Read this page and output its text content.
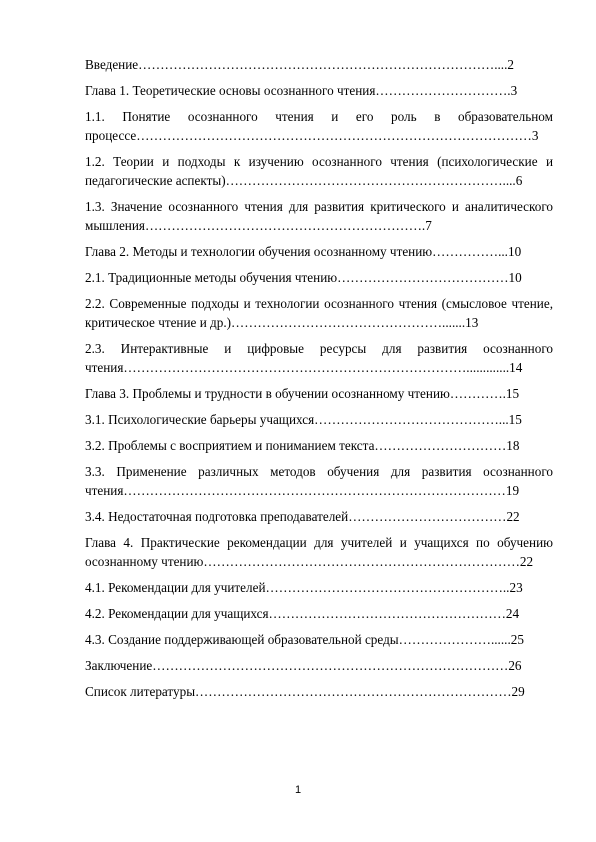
Введение………………………………………………………………………....2
Глава 1. Теоретические основы осознанного чтения………………………….3
1.1. Понятие осознанного чтения и его роль в образовательном процессе………………………………………………………………………………3
1.2. Теории и подходы к изучению осознанного чтения (психологические и педагогические аспекты)………………………………………………………....6
1.3. Значение осознанного чтения для развития критического и аналитического мышления……………………………………………………….7
Глава 2. Методы и технологии обучения осознанному чтению……………...10
2.1. Традиционные методы обучения чтению…………………………………10
2.2. Современные подходы и технологии осознанного чтения (смысловое чтение, критическое чтение и др.)………………………………………….......13
2.3. Интерактивные и цифровые ресурсы для развития осознанного чтения…………………………………………………………………….............14
Глава 3. Проблемы и трудности в обучении осознанному чтению………….15
3.1. Психологические барьеры учащихся……………………………………...15
3.2. Проблемы с восприятием и пониманием текста…………………………18
3.3. Применение различных методов обучения для развития осознанного чтения……………………………………………………………………………19
3.4. Недостаточная подготовка преподавателей………………………………22
Глава 4. Практические рекомендации для учителей и учащихся по обучению осознанному чтению………………………………………………………………22
4.1. Рекомендации для учителей………………………………………………..23
4.2. Рекомендации для учащихся………………………………………………24
4.3. Создание поддерживающей образовательной среды…………………......25
Заключение………………………………………………………………………26
Список литературы………………………………………………………………29
1
